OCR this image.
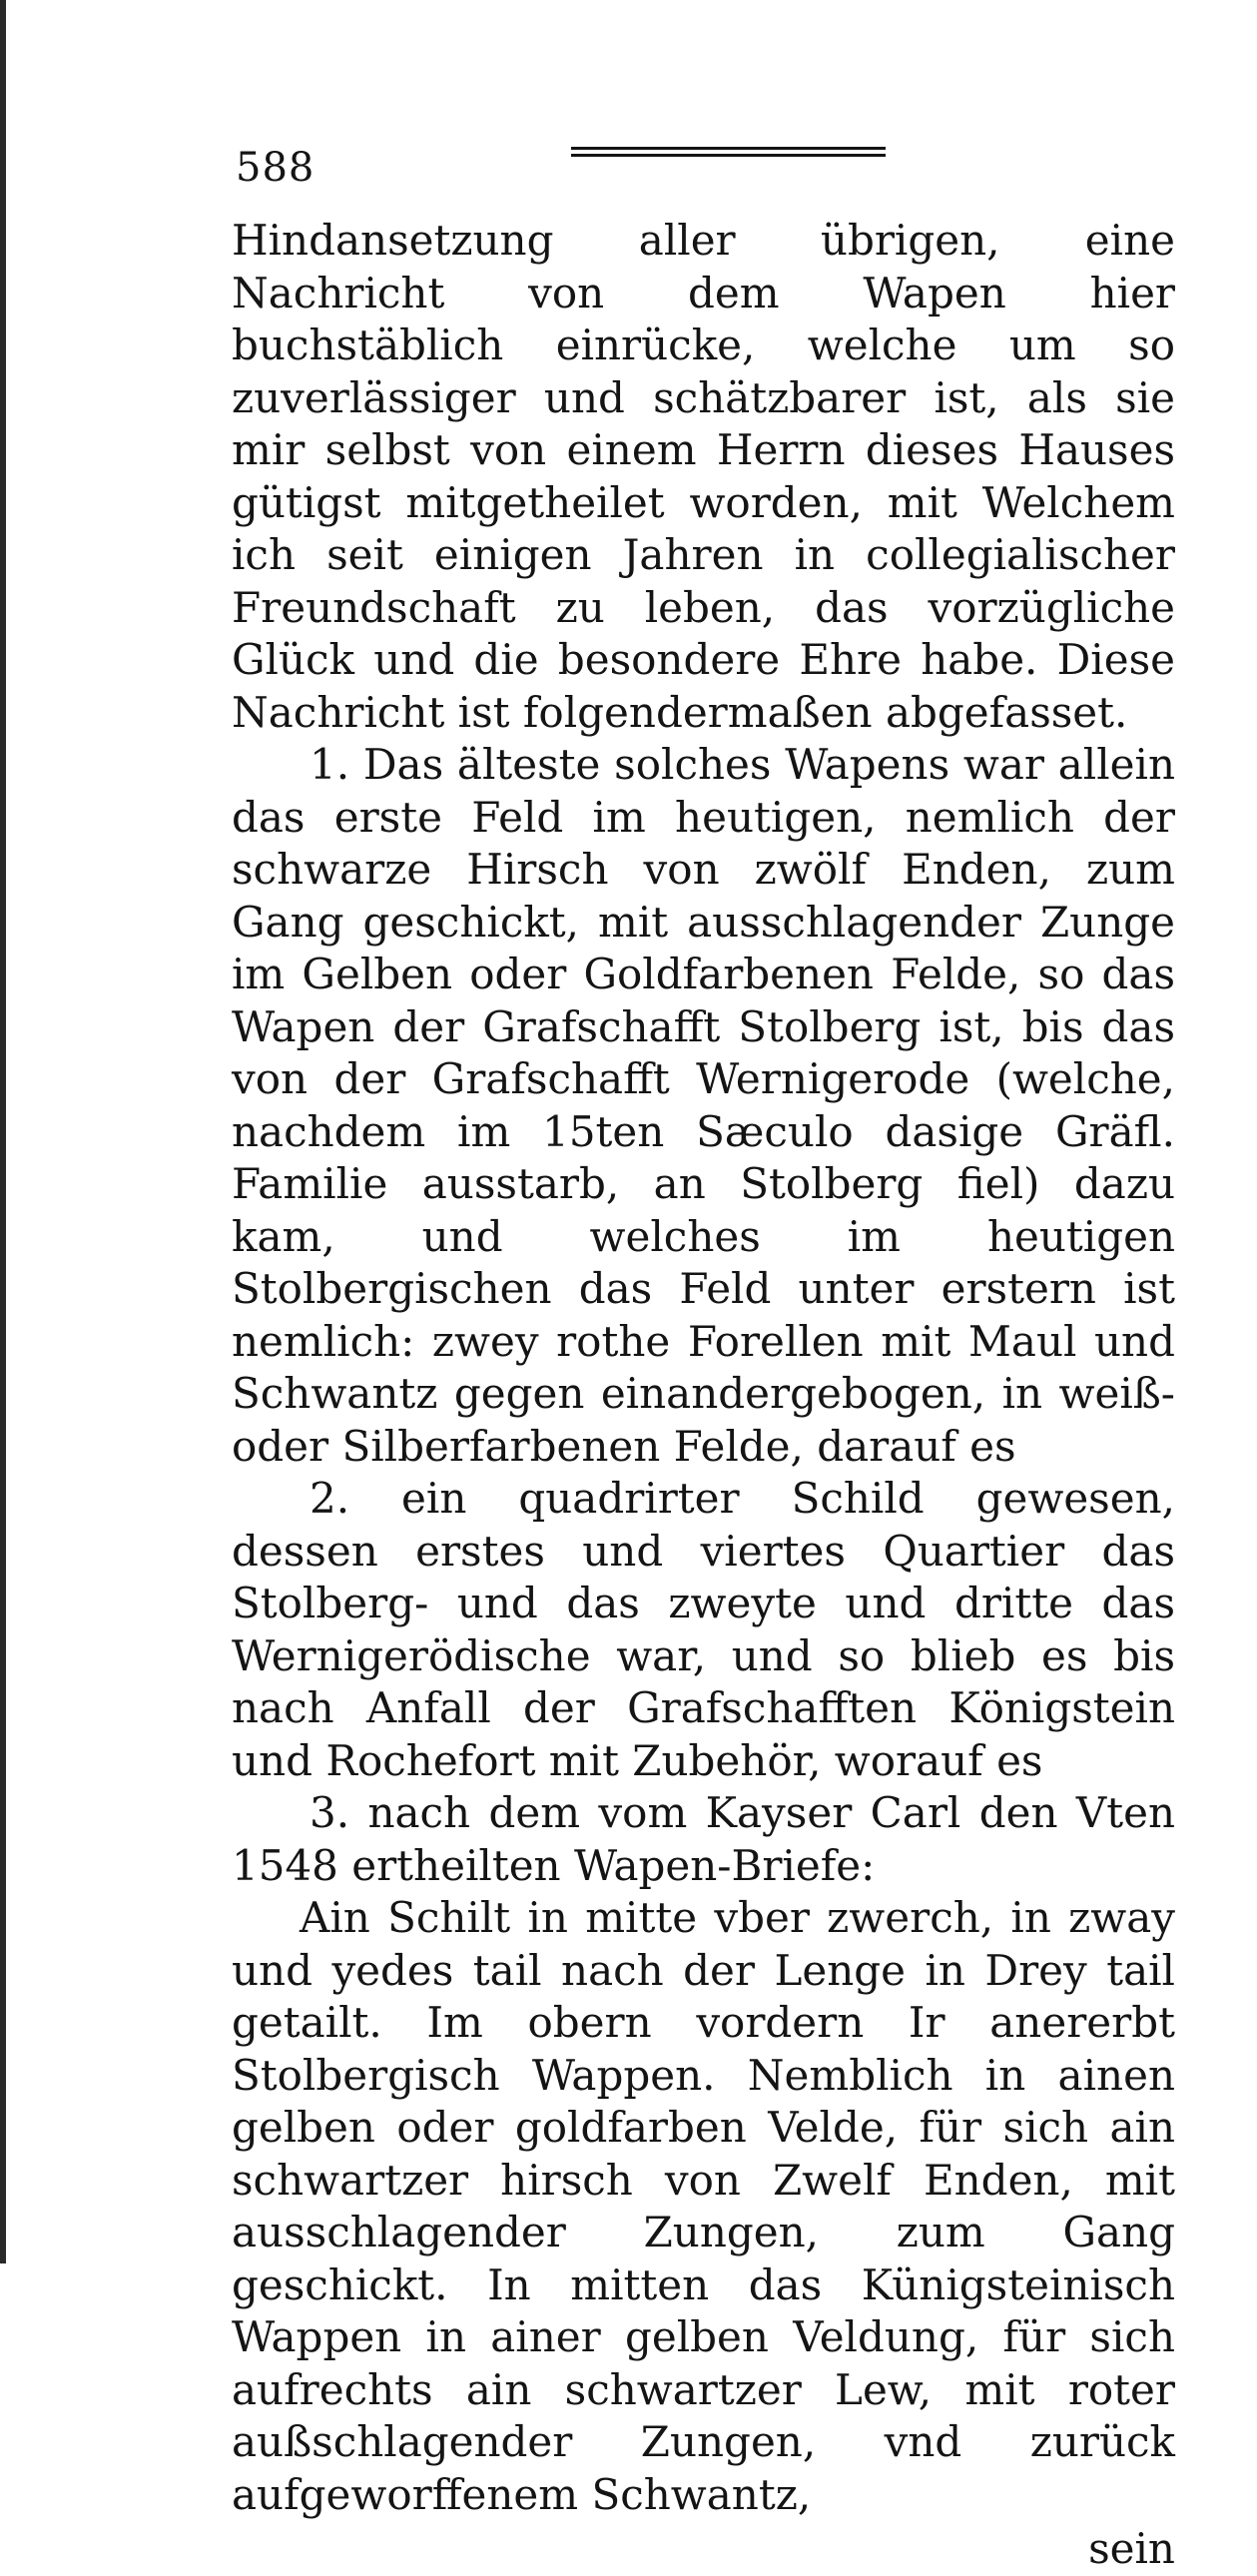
588

Hindansetzung aller übrigen, eine Nachricht von dem Wapen hier buchstäblich einrücke, welche um so zuverlässiger und schätzbarer ist, als sie mir selbst von einem Herrn dieses Hauses gütigst mitgetheilet worden, mit Welchem ich seit einigen Jahren in collegialischer Freundschaft zu leben, das vorzügliche Glück und die besondere Ehre habe. Diese Nachricht ist folgendermaßen abgefasset.

1. Das älteste solches Wapens war allein das erste Feld im heutigen, nemlich der schwarze Hirsch von zwölf Enden, zum Gang geschickt, mit ausschlagender Zunge im Gelben oder Goldfarbenen Felde, so das Wapen der Grafschafft Stolberg ist, bis das von der Grafschafft Wernigerode (welche, nachdem im 15ten Sæculo dasige Gräfl. Familie ausstarb, an Stolberg fiel) dazu kam, und welches im heutigen Stolbergischen das Feld unter erstern ist nemlich: zwey rothe Forellen mit Maul und Schwantz gegen einandergebogen, in weiß- oder Silberfarbenen Felde, darauf es

2. ein quadrirter Schild gewesen, dessen erstes und viertes Quartier das Stolberg- und das zweyte und dritte das Wernigerödische war, und so blieb es bis nach Anfall der Grafschafften Königstein und Rochefort mit Zubehör, worauf es

3. nach dem vom Kayser Carl den Vten 1548 ertheilten Wapen-Briefe:

Ain Schilt in mitte vber zwerch, in zway und yedes tail nach der Lenge in Drey tail getailt. Im obern vordern Ir anererbt Stolbergisch Wappen. Nemblich in ainen gelben oder goldfarben Velde, für sich ain schwartzer hirsch von Zwelf Enden, mit ausschlagender Zungen, zum Gang geschickt. In mitten das Künigsteinisch Wappen in ainer gelben Veldung, für sich aufrechts ain schwartzer Lew, mit roter außschlagender Zungen, vnd zurück aufgeworffenem Schwantz,

sein
